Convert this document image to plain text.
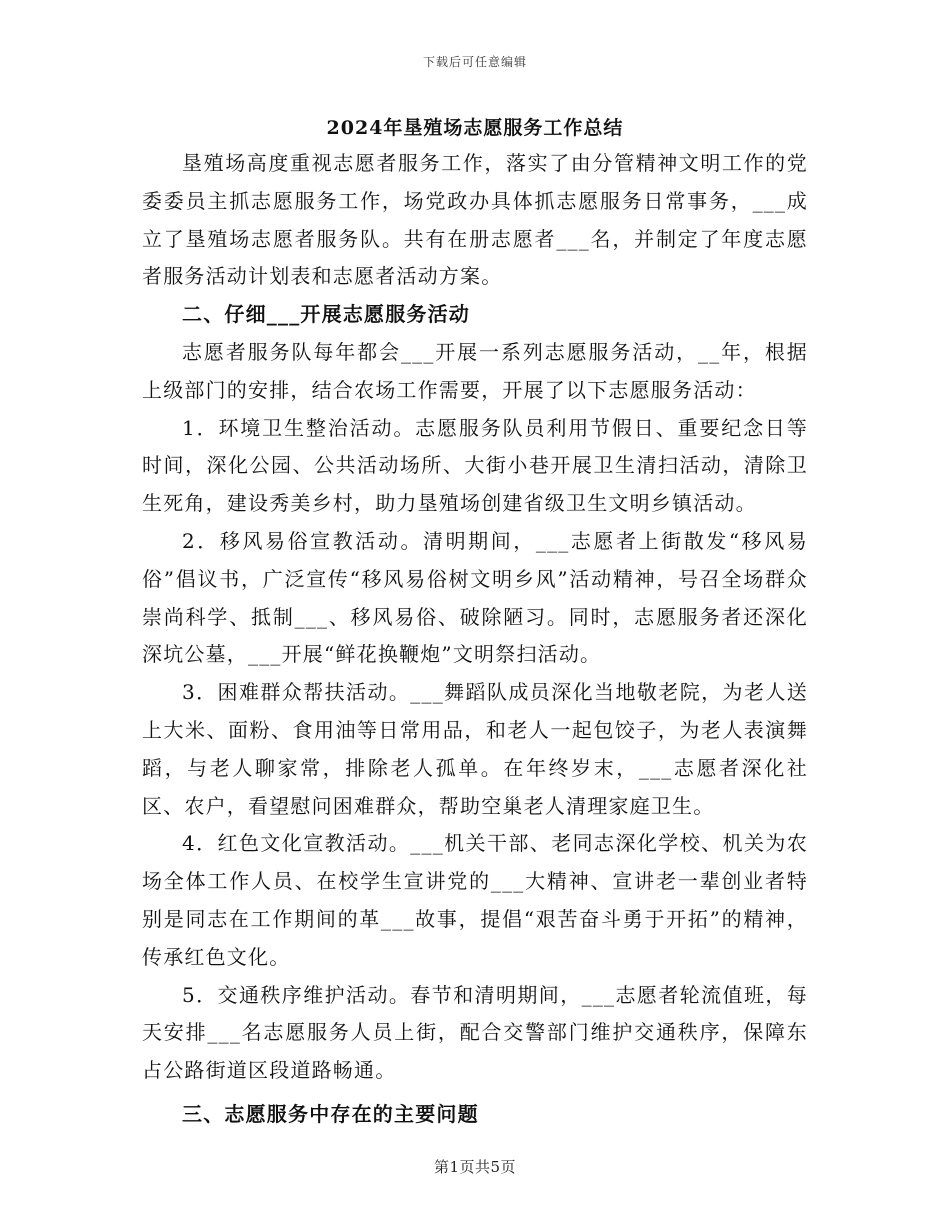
下载后可任意编辑
2024年垦殖场志愿服务工作总结

垦殖场高度重视志愿者服务工作，落实了由分管精神文明工作的党委委员主抓志愿服务工作，场党政办具体抓志愿服务日常事务，___成立了垦殖场志愿者服务队。共有在册志愿者___名，并制定了年度志愿者服务活动计划表和志愿者活动方案。

二、仔细___开展志愿服务活动

志愿者服务队每年都会___开展一系列志愿服务活动，__年，根据上级部门的安排，结合农场工作需要，开展了以下志愿服务活动：

1．环境卫生整治活动。志愿服务队员利用节假日、重要纪念日等时间，深化公园、公共活动场所、大街小巷开展卫生清扫活动，清除卫生死角，建设秀美乡村，助力垦殖场创建省级卫生文明乡镇活动。

2．移风易俗宣教活动。清明期间，___志愿者上街散发“移风易俗”倡议书，广泛宣传“移风易俗树文明乡风”活动精神，号召全场群众崇尚科学、抵制___、移风易俗、破除陋习。同时，志愿服务者还深化深坑公墓，___开展“鲜花换鞭炮”文明祭扫活动。

3．困难群众帮扶活动。___舞蹈队成员深化当地敬老院，为老人送上大米、面粉、食用油等日常用品，和老人一起包饺子，为老人表演舞蹈，与老人聊家常，排除老人孤单。在年终岁末，___志愿者深化社区、农户，看望慰问困难群众，帮助空巢老人清理家庭卫生。

4．红色文化宣教活动。___机关干部、老同志深化学校、机关为农场全体工作人员、在校学生宣讲党的___大精神、宣讲老一辈创业者特别是同志在工作期间的革___故事，提倡“艰苦奋斗勇于开拓”的精神，传承红色文化。

5．交通秩序维护活动。春节和清明期间，___志愿者轮流值班，每天安排___名志愿服务人员上街，配合交警部门维护交通秩序，保障东占公路街道区段道路畅通。

三、志愿服务中存在的主要问题

第1页共5页
